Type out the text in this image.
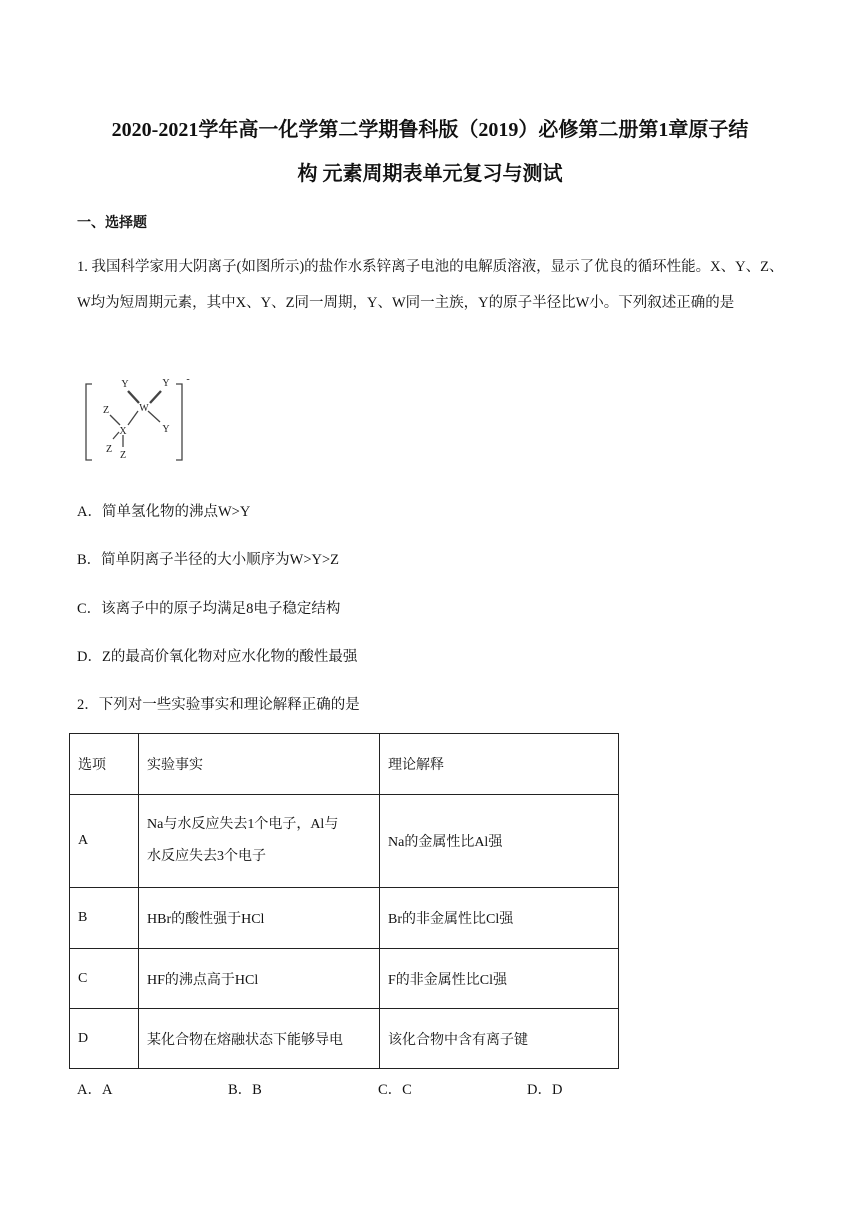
2020-2021学年高一化学第二学期鲁科版（2019）必修第二册第1章原子结
构 元素周期表单元复习与测试
一、选择题
1. 我国科学家用大阴离子(如图所示)的盐作水系锌离子电池的电解质溶液，显示了优良的循环性能。X、Y、Z、W均为短周期元素，其中X、Y、Z同一周期，Y、W同一主族，Y的原子半径比W小。下列叙述正确的是
Y	Y
Z	W
X	Y
Z
Z
-
A．简单氢化物的沸点W>Y
B．简单阴离子半径的大小顺序为W>Y>Z
C．该离子中的原子均满足8电子稳定结构
D．Z的最高价氧化物对应水化物的酸性最强
2．下列对一些实验事实和理论解释正确的是
选项	实验事实	理论解释
A	Na与水反应失去1个电子，Al与
水反应失去3个电子	Na的金属性比Al强
B	HBr的酸性强于HCl	Br的非金属性比Cl强
C	HF的沸点高于HCl	F的非金属性比Cl强
D	某化合物在熔融状态下能够导电	该化合物中含有离子键
A．A	B．B	C．C	D．D
